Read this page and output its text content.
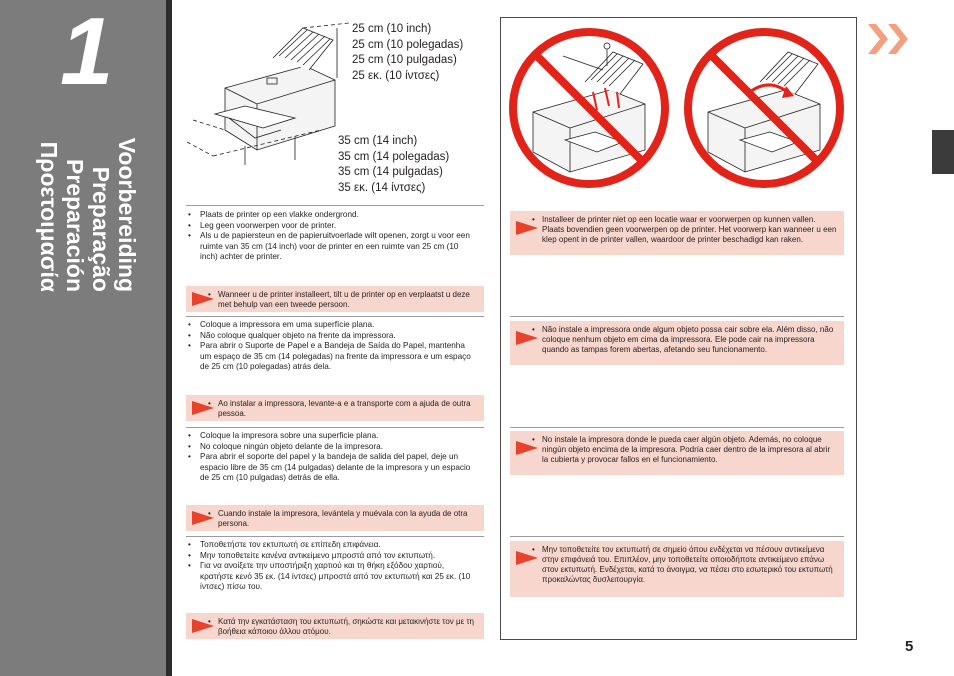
1
Voorbereiding
Preparação
Preparación
Προετοιμασία
25 cm (10 inch)
25 cm (10 polegadas)
25 cm (10 pulgadas)
25 εκ. (10 ίντσες)
35 cm (14 inch)
35 cm (14 polegadas)
35 cm (14 pulgadas)
35 εκ. (14 ίντσες)
• Plaats de printer op een vlakke ondergrond.
• Leg geen voorwerpen voor de printer.
• Als u de papiersteun en de papieruitvoerlade wilt openen, zorgt u voor een ruimte van 35 cm (14 inch) voor de printer en een ruimte van 25 cm (10 inch) achter de printer.
• Wanneer u de printer installeert, tilt u de printer op en verplaatst u deze met behulp van een tweede persoon.
• Coloque a impressora em uma superfície plana.
• Não coloque qualquer objeto na frente da impressora.
• Para abrir o Suporte de Papel e a Bandeja de Saída do Papel, mantenha um espaço de 35 cm (14 polegadas) na frente da impressora e um espaço de 25 cm (10 polegadas) atrás dela.
• Ao instalar a impressora, levante-a e a transporte com a ajuda de outra pessoa.
• Coloque la impresora sobre una superficie plana.
• No coloque ningún objeto delante de la impresora.
• Para abrir el soporte del papel y la bandeja de salida del papel, deje un espacio libre de 35 cm (14 pulgadas) delante de la impresora y un espacio de 25 cm (10 pulgadas) detrás de ella.
• Cuando instale la impresora, levántela y muévala con la ayuda de otra persona.
• Τοποθετήστε τον εκτυπωτή σε επίπεδη επιφάνεια.
• Μην τοποθετείτε κανένα αντικείμενο μπροστά από τον εκτυπωτή.
• Για να ανοίξετε την υποστήριξη χαρτιού και τη θήκη εξόδου χαρτιού, κρατήστε κενό 35 εκ. (14 ίντσες) μπροστά από τον εκτυπωτή και 25 εκ. (10 ίντσες) πίσω του.
• Κατά την εγκατάσταση του εκτυπωτή, σηκώστε και μετακινήστε τον με τη βοήθεια κάποιου άλλου ατόμου.
• Installeer de printer niet op een locatie waar er voorwerpen op kunnen vallen. Plaats bovendien geen voorwerpen op de printer. Het voorwerp kan wanneer u een klep opent in de printer vallen, waardoor de printer beschadigd kan raken.
• Não instale a impressora onde algum objeto possa cair sobre ela. Além disso, não coloque nenhum objeto em cima da impressora. Ele pode cair na impressora quando as tampas forem abertas, afetando seu funcionamento.
• No instale la impresora donde le pueda caer algún objeto. Además, no coloque ningún objeto encima de la impresora. Podría caer dentro de la impresora al abrir la cubierta y provocar fallos en el funcionamiento.
• Μην τοποθετείτε τον εκτυπωτή σε σημείο όπου ενδέχεται να πέσουν αντικείμενα στην επιφάνειά του. Επιπλέον, μην τοποθετείτε οποιοδήποτε αντικείμενο επάνω στον εκτυπωτή. Ενδέχεται, κατά το άνοιγμα, να πέσει στο εσωτερικό του εκτυπωτή προκαλώντας δυσλειτουργία.
5
